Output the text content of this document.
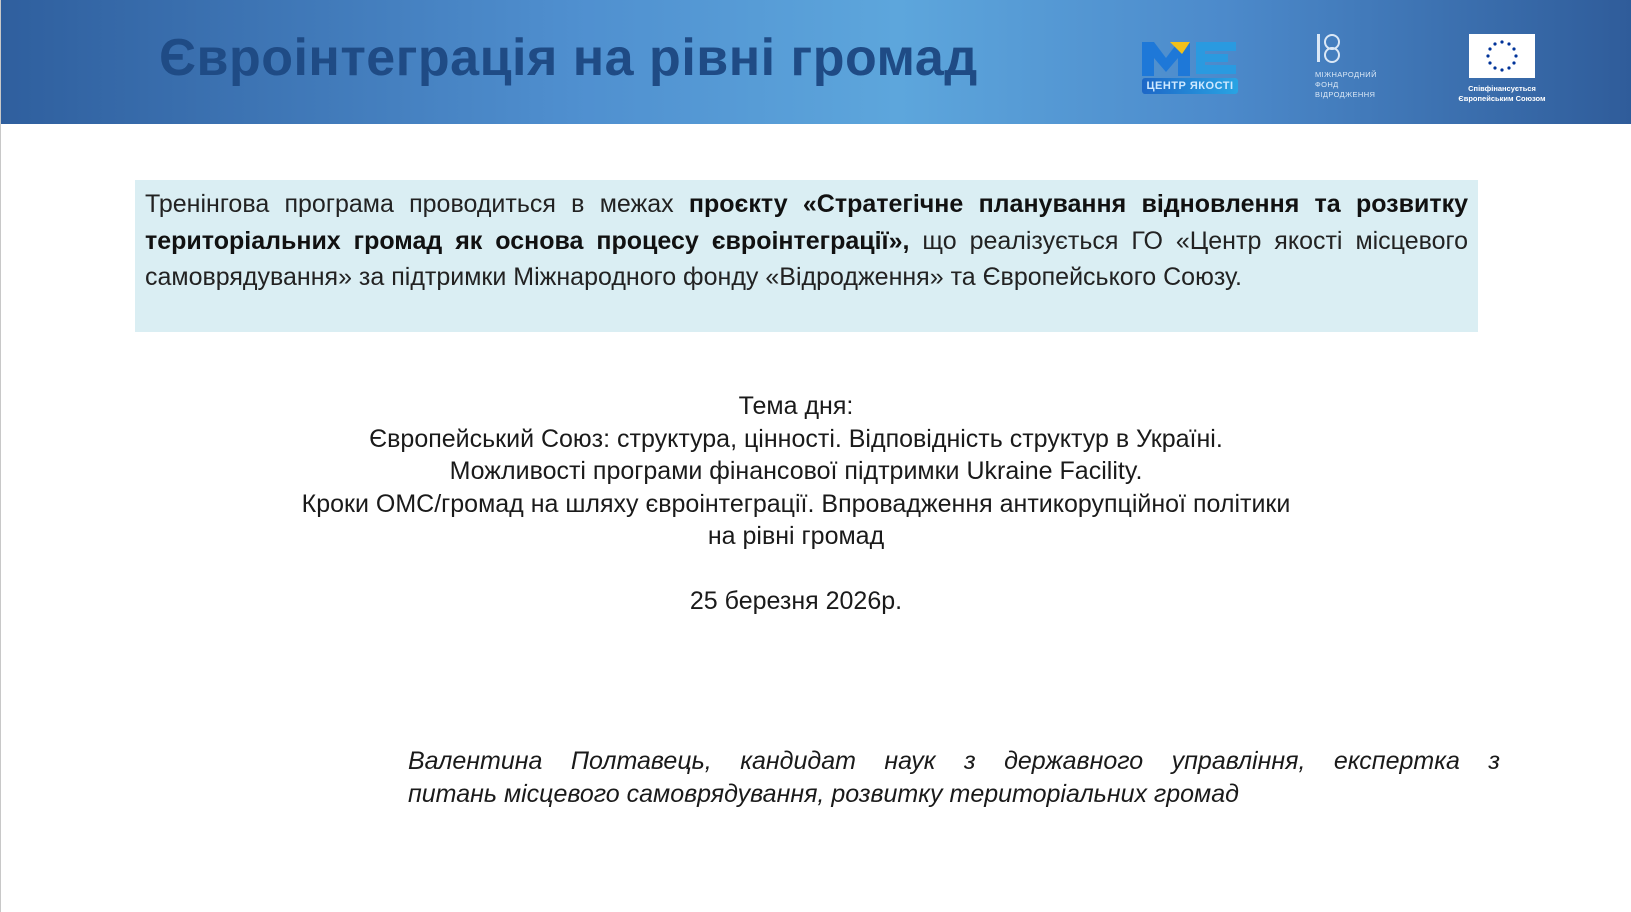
Євроінтеграція на рівні громад	ЦЕНТР ЯКОСТІ
МІЖНАРОДНИЙ
ФОНД
ВІДРОДЖЕННЯ
Співфінансується
Європейським Союзом

Тренінгова програма проводиться в межах проєкту «Стратегічне планування відновлення та розвитку територіальних громад як основа процесу євроінтеграції», що реалізується ГО «Центр якості місцевого самоврядування» за підтримки Міжнародного фонду «Відродження» та Європейського Союзу.

Тема дня:

Європейський Союз: структура, цінності. Відповідність структур в Україні.

Можливості програми фінансової підтримки Ukraine Facility.

Кроки ОМС/громад на шляху євроінтеграції. Впровадження антикорупційної політики

на рівні громад

25 березня 2026р.

Валентина Полтавець, кандидат наук з державного управління, експертка з

питань місцевого самоврядування, розвитку територіальних громад
